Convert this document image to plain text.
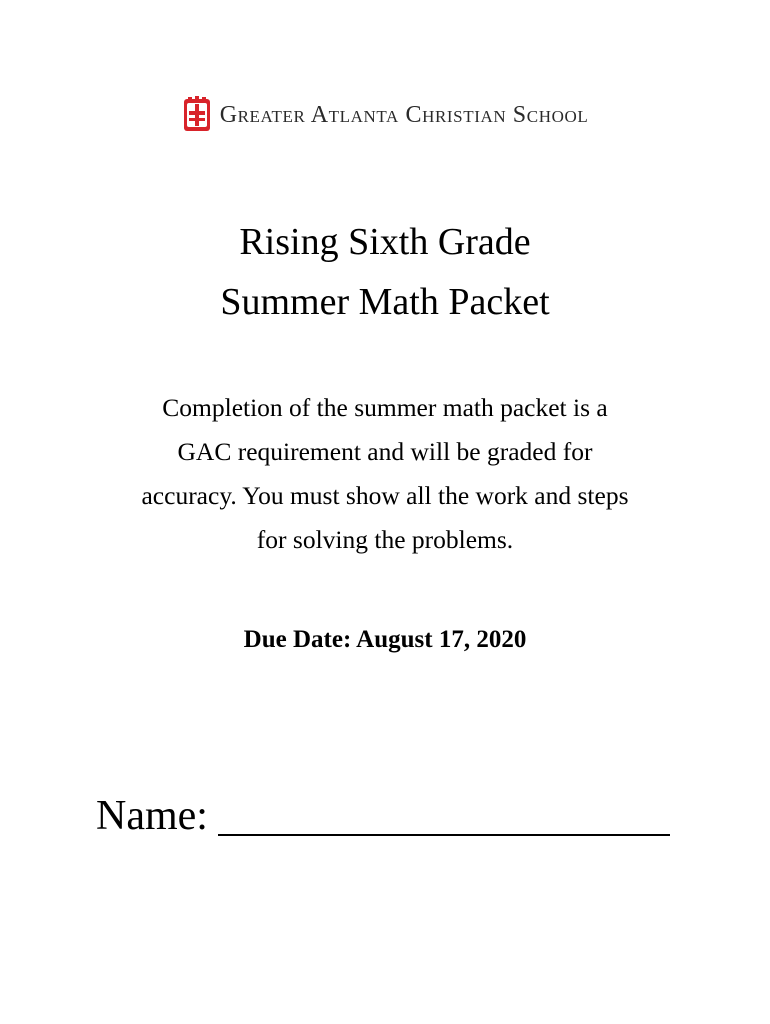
Greater Atlanta Christian School
Rising Sixth Grade
Summer Math Packet
Completion of the summer math packet is a
GAC requirement and will be graded for
accuracy. You must show all the work and steps
for solving the problems.
Due Date: August 17, 2020
Name:
